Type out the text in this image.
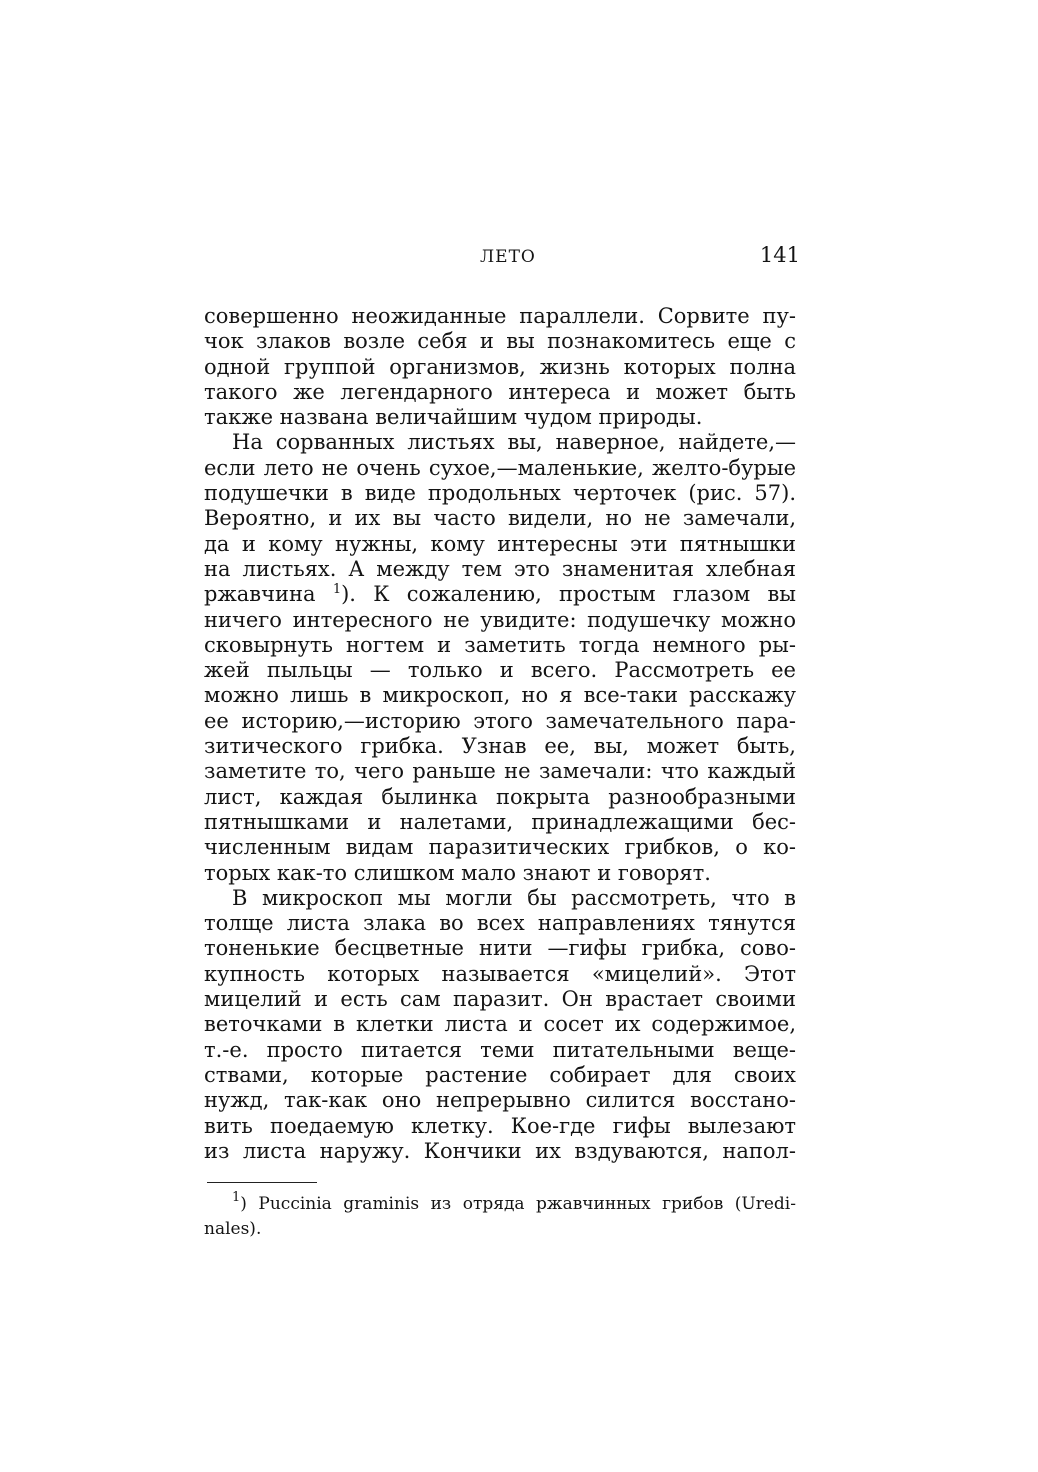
ЛЕТО	141
совершенно неожиданные параллели. Сорвите пу-
чок злаков возле себя и вы познакомитесь еще с
одной группой организмов, жизнь которых полна
такого же легендарного интереса и может быть
также названа величайшим чудом природы.
На сорванных листьях вы, наверное, найдете,—
если лето не очень сухое,—маленькие, желто-бурые
подушечки в виде продольных черточек (рис. 57).
Вероятно, и их вы часто видели, но не замечали,
да и кому нужны, кому интересны эти пятнышки
на листьях. А между тем это знаменитая хлебная
ржавчина $^1$). К сожалению, простым глазом вы
ничего интересного не увидите: подушечку можно
сковырнуть ногтем и заметить тогда немного ры-
жей пыльцы — только и всего. Рассмотреть ее
можно лишь в микроскоп, но я все-таки расскажу
ее историю,—историю этого замечательного пара-
зитического грибка. Узнав ее, вы, может быть,
заметите то, чего раньше не замечали: что каждый
лист, каждая былинка покрыта разнообразными
пятнышками и налетами, принадлежащими бес-
численным видам паразитических грибков, о ко-
торых как-то слишком мало знают и говорят.
В микроскоп мы могли бы рассмотреть, что в
толще листа злака во всех направлениях тянутся
тоненькие бесцветные нити —гифы грибка, сово-
купность которых называется «мицелий». Этот
мицелий и есть сам паразит. Он врастает своими
веточками в клетки листа и сосет их содержимое,
т.-е. просто питается теми питательными веще-
ствами, которые растение собирает для своих
нужд, так-как оно непрерывно силится восстано-
вить поедаемую клетку. Кое-где гифы вылезают
из листа наружу. Кончики их вздуваются, напол-
$^1$) Puccinia graminis из отряда ржавчинных грибов (Uredi-
nales).
